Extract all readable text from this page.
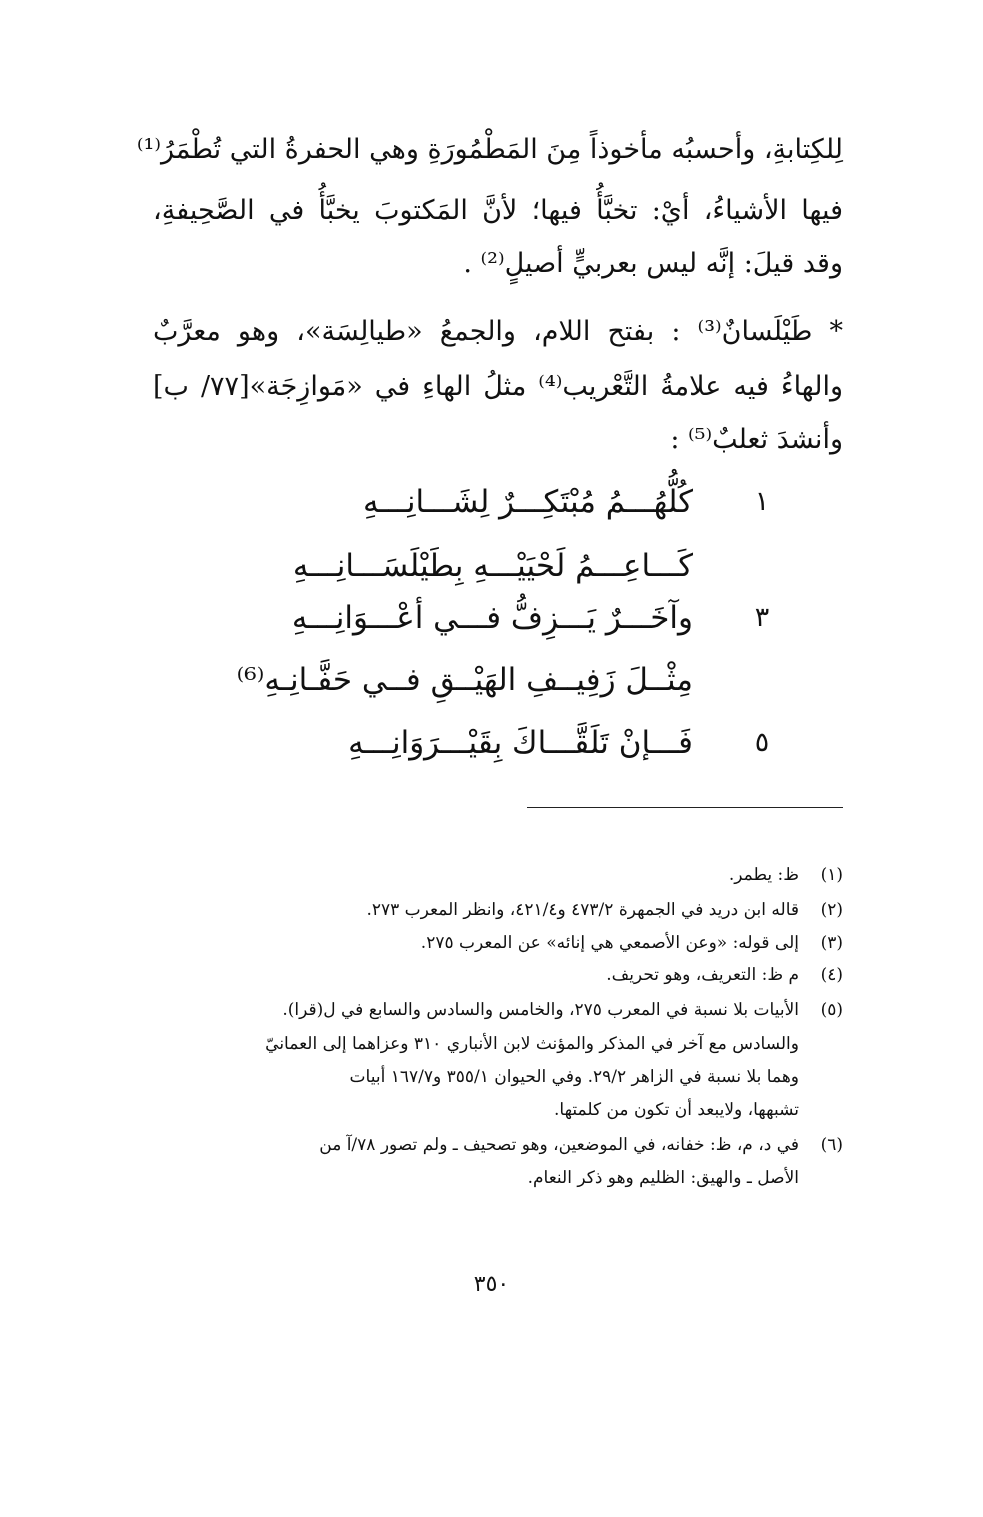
لِلكِتابةِ، وأحسبُه مأخوذاً مِنَ المَطْمُورَةِ وهي الحفرةُ التي تُطْمَرُ⁽¹⁾
فيها الأشياءُ، أيْ: تخبَّأُ فيها؛ لأنَّ المَكتوبَ يخبَّأُ في الصَّحِيفةِ،
وقد قيلَ: إنَّه ليس بعربيٍّ أصيلٍ⁽²⁾ .
* طَيْلَسانٌ⁽³⁾ : بفتح اللام، والجمعُ «طيالِسَة»، وهو معرَّبٌ
والهاءُ فيه علامةُ التَّعْريب⁽⁴⁾ مثلُ الهاءِ في «مَوازِجَة»[٧٧/ ب]
وأنشدَ ثعلبٌ⁽⁵⁾ :
١
كُلُّهُـــمُ مُبْتَكِـــرٌ لِشَـــانِـــهِ
كَـــاعِـــمُ لَحْيَيْـــهِ بِطَيْلَسَـــانِـــهِ
٣
وآخَـــرٌ يَـــزِفُّ فـــي أعْـــوَانِـــهِ
مِثْــلَ زَفِيــفِ الهَيْــقِ فــي حَفَّـانِـهِ⁽⁶⁾
٥
فَـــإنْ تَلَقَّـــاكَ بِقَيْـــرَوَانِـــهِ
(١)ظ: يطمر.
(٢)قاله ابن دريد في الجمهرة ٤٧٣/٢ و٤٢١/٤، وانظر المعرب ٢٧٣.
(٣)إلى قوله: «وعن الأصمعي هي إنائه» عن المعرب ٢٧٥.
(٤)م ظ: التعريف، وهو تحريف.
(٥)الأبيات بلا نسبة في المعرب ٢٧٥، والخامس والسادس والسابع في ل(قرا).
والسادس مع آخر في المذكر والمؤنث لابن الأنباري ٣١٠ وعزاهما إلى العمانيّ
وهما بلا نسبة في الزاهر ٢٩/٢. وفي الحيوان ٣٥٥/١ و١٦٧/٧ أبيات
تشبهها، ولايبعد أن تكون من كلمتها.
(٦)في د، م، ظ: خفانه، في الموضعين، وهو تصحيف ـ ولم تصور ٧٨/آ من
الأصل ـ والهيق: الظليم وهو ذكر النعام.
٣٥٠
